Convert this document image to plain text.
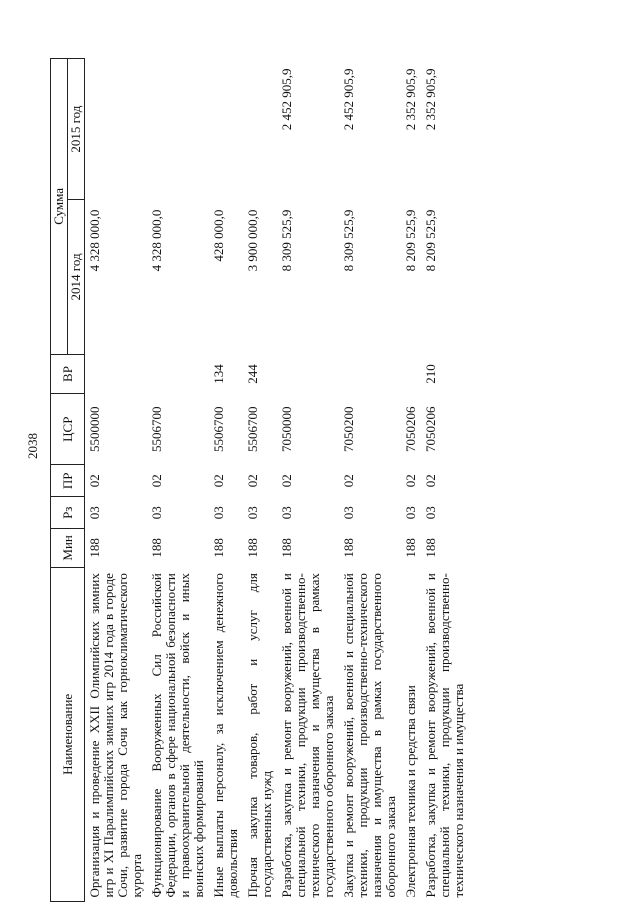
2038
Наименование	Мин	Рз	ПР	ЦСР	ВР	Сумма	
						2014 год	2015 год
Организация и проведение XXII Олимпийских зимних игр и XI Паралимпийских зимних игр 2014 года в городе Сочи, развитие города Сочи как горноклиматического курорта	188	03	02	5500000		4 328 000,0	
Функционирование Вооруженных Сил Российской Федерации, органов в сфере национальной безопасности и правоохранительной деятельности, войск и иных воинских формирований	188	03	02	5506700		4 328 000,0	
Иные выплаты персоналу, за исключением денежного довольствия	188	03	02	5506700	134	428 000,0	
Прочая закупка товаров, работ и услуг для государственных нужд	188	03	02	5506700	244	3 900 000,0	
Разработка, закупка и ремонт вооружений, военной и специальной техники, продукции производственно-технического назначения и имущества в рамках государственного оборонного заказа	188	03	02	7050000		8 309 525,9	2 452 905,9
Закупка и ремонт вооружений, военной и специальной техники, продукции производственно-технического назначения и имущества в рамках государственного оборонного заказа	188	03	02	7050200		8 309 525,9	2 452 905,9
Электронная техника и средства связи	188	03	02	7050206		8 209 525,9	2 352 905,9
Разработка, закупка и ремонт вооружений, военной и специальной техники, продукции производственно-технического назначения и имущества	188	03	02	7050206	210	8 209 525,9	2 352 905,9
